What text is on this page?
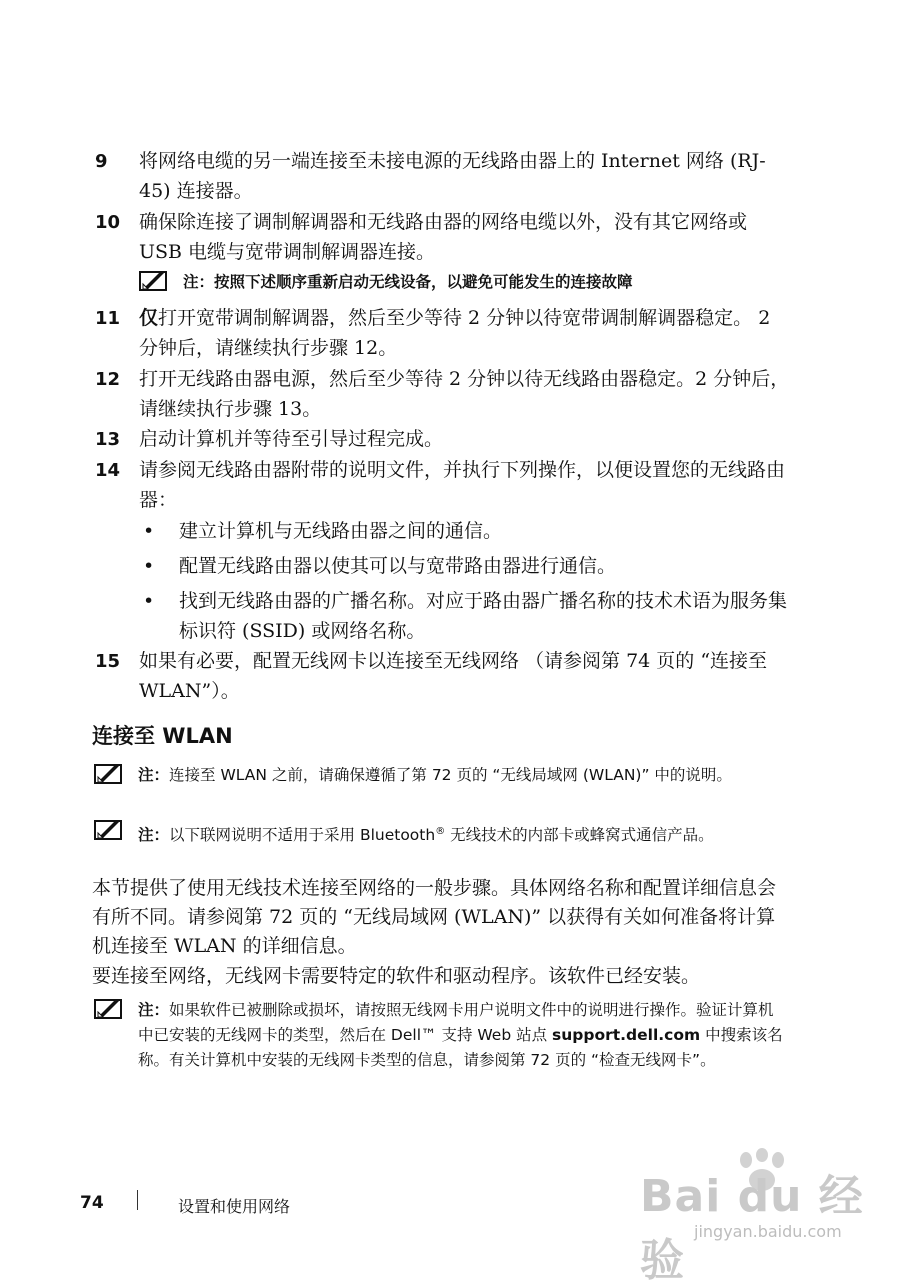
9	将网络电缆的另一端连接至未接电源的无线路由器上的 Internet 网络 (RJ-45) 连接器。
10 确保除连接了调制解调器和无线路由器的网络电缆以外，没有其它网络或 USB 电缆与宽带调制解调器连接。
注：按照下述顺序重新启动无线设备，以避免可能发生的连接故障
11 仅打开宽带调制解调器，然后至少等待 2 分钟以待宽带调制解调器稳定。 2 分钟后，请继续执行步骤 12。
12 打开无线路由器电源，然后至少等待 2 分钟以待无线路由器稳定。2 分钟后，请继续执行步骤 13。
13 启动计算机并等待至引导过程完成。
14 请参阅无线路由器附带的说明文件，并执行下列操作，以便设置您的无线路由器：
•	建立计算机与无线路由器之间的通信。
•	配置无线路由器以使其可以与宽带路由器进行通信。
•	找到无线路由器的广播名称。对应于路由器广播名称的技术术语为服务集标识符 (SSID) 或网络名称。
15 如果有必要，配置无线网卡以连接至无线网络 （请参阅第 74 页的 “连接至 WLAN”）。
连接至 WLAN
注：连接至 WLAN 之前，请确保遵循了第 72 页的 “无线局域网 (WLAN)” 中的说明。
注：以下联网说明不适用于采用 Bluetooth® 无线技术的内部卡或蜂窝式通信产品。
本节提供了使用无线技术连接至网络的一般步骤。具体网络名称和配置详细信息会有所不同。请参阅第 72 页的 “无线局域网 (WLAN)” 以获得有关如何准备将计算机连接至 WLAN 的详细信息。
要连接至网络，无线网卡需要特定的软件和驱动程序。该软件已经安装。
注：如果软件已被删除或损坏，请按照无线网卡用户说明文件中的说明进行操作。验证计算机中已安装的无线网卡的类型，然后在 Dell™ 支持 Web 站点 support.dell.com 中搜索该名称。有关计算机中安装的无线网卡类型的信息，请参阅第 72 页的 “检查无线网卡”。
74	设置和使用网络	Bai du 经验
jingyan.baidu.com
